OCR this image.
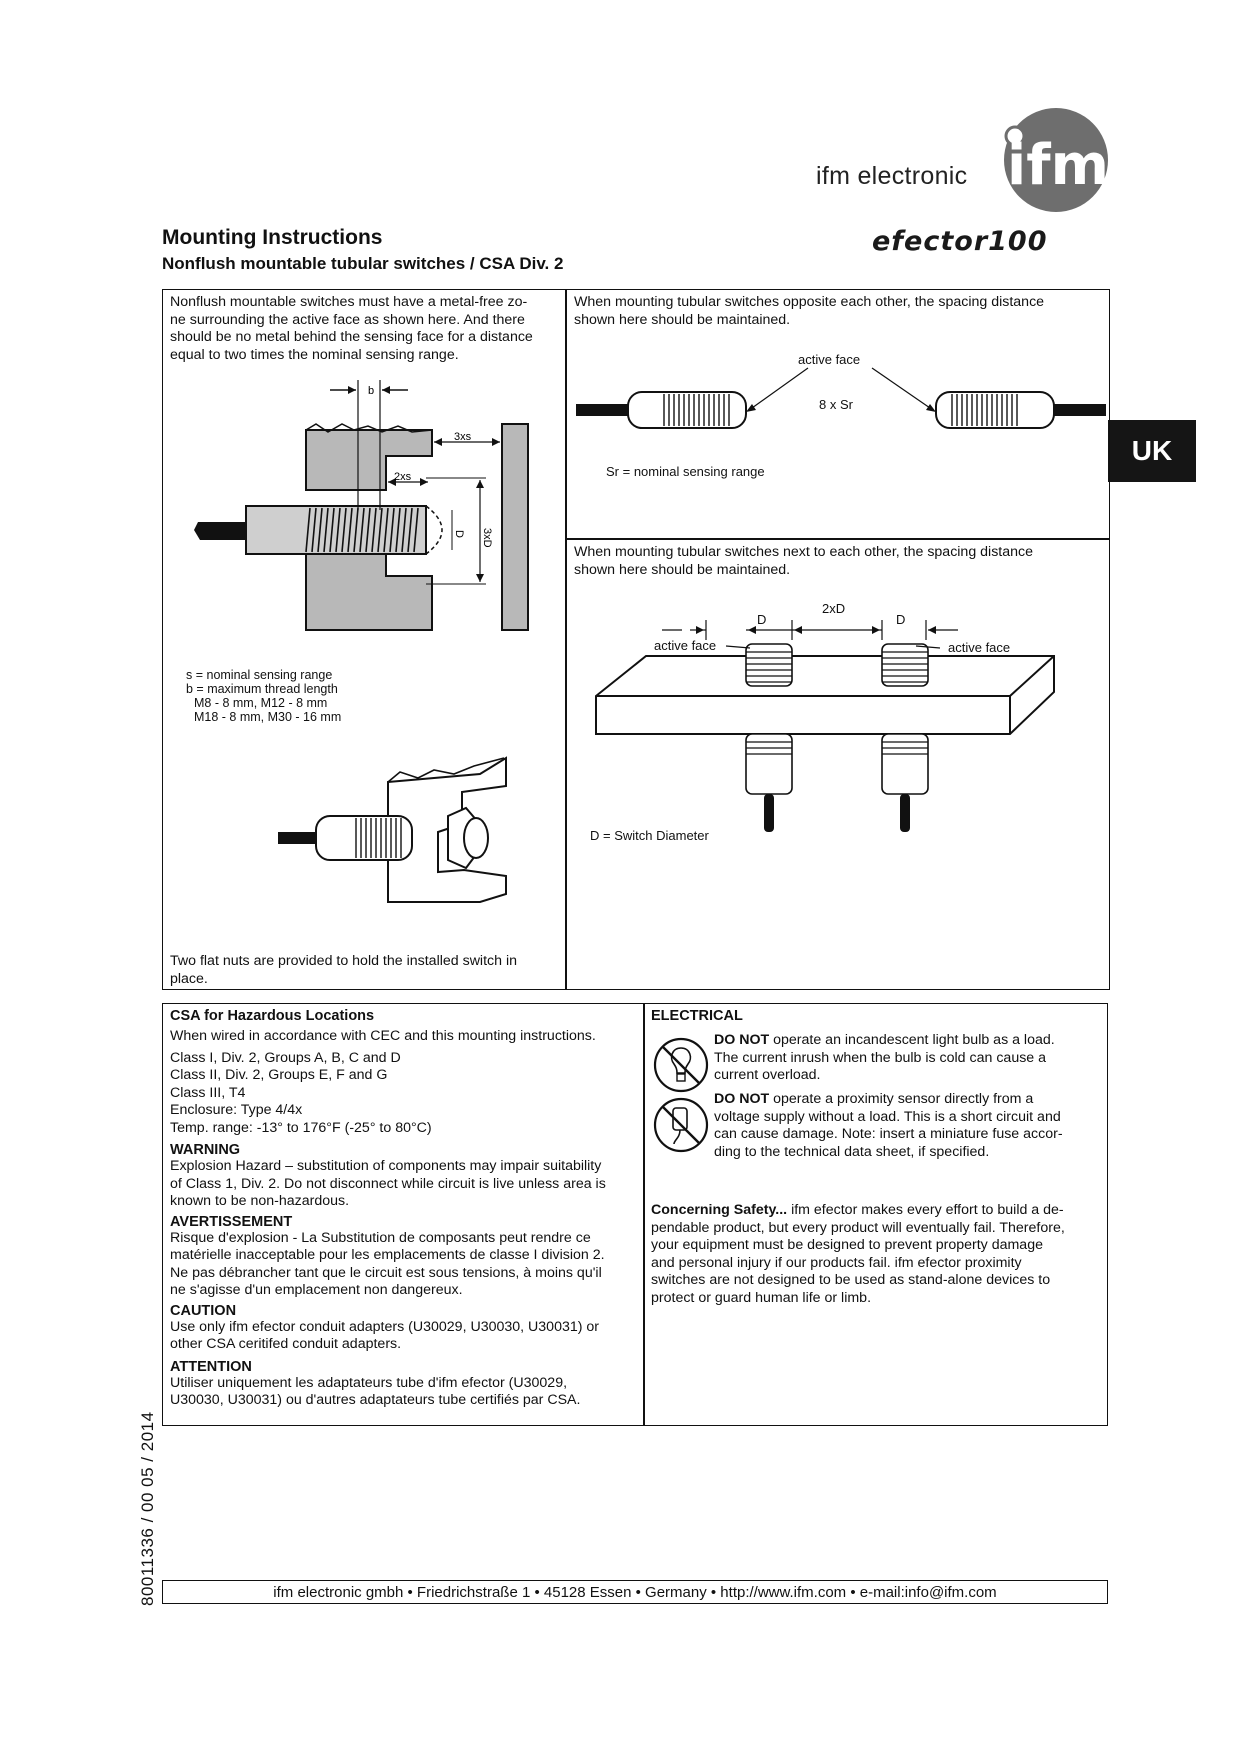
ifm electronic ifm
Mounting Instructions
Nonflush mountable tubular switches / CSA Div. 2
efector100
UK
Nonflush mountable switches must have a metal-free zo-
ne surrounding the active face as shown here. And there
should be no metal behind the sensing face for a distance
equal to two times the nominal sensing range.
b
3xs
2xs
3xD
D
s = nominal sensing range
b = maximum thread length
M8 - 8 mm, M12 - 8 mm
M18 - 8 mm, M30 - 16 mm
Two flat nuts are provided to hold the installed switch in
place.
When mounting tubular switches opposite each other, the spacing distance
shown here should be maintained.
active face
8 x Sr
Sr = nominal sensing range
When mounting tubular switches next to each other, the spacing distance
shown here should be maintained.
2xD
D	D
active face	active face
D = Switch Diameter
CSA for Hazardous Locations
When wired in accordance with CEC and this mounting instructions.
Class I, Div. 2, Groups A, B, C and D
Class II, Div. 2, Groups E, F and G
Class III, T4
Enclosure: Type 4/4x
Temp. range: -13° to 176°F (-25° to 80°C)
WARNING
Explosion Hazard – substitution of components may impair suitability
of Class 1, Div. 2. Do not disconnect while circuit is live unless area is
known to be non-hazardous.
AVERTISSEMENT
Risque d'explosion - La Substitution de composants peut rendre ce
matérielle inacceptable pour les emplacements de classe I division 2.
Ne pas débrancher tant que le circuit est sous tensions, à moins qu'il
ne s'agisse d'un emplacement non dangereux.
CAUTION
Use only ifm efector conduit adapters (U30029, U30030, U30031) or
other CSA ceritifed conduit adapters.
ATTENTION
Utiliser uniquement les adaptateurs tube d'ifm efector (U30029,
U30030, U30031) ou d'autres adaptateurs tube certifiés par CSA.
ELECTRICAL
DO NOT operate an incandescent light bulb as a load.
The current inrush when the bulb is cold can cause a
current overload.
DO NOT operate a proximity sensor directly from a
voltage supply without a load. This is a short circuit and
can cause damage. Note: insert a miniature fuse accor-
ding to the technical data sheet, if specified.
Concerning Safety... ifm efector makes every effort to build a de-
pendable product, but every product will eventually fail. Therefore,
your equipment must be designed to prevent property damage
and personal injury if our products fail. ifm efector proximity
switches are not designed to be used as stand-alone devices to
protect or guard human life or limb.
80011336 / 00 05 / 2014	ifm electronic gmbh • Friedrichstraße 1 • 45128 Essen • Germany • http://www.ifm.com • e-mail:info@ifm.com
